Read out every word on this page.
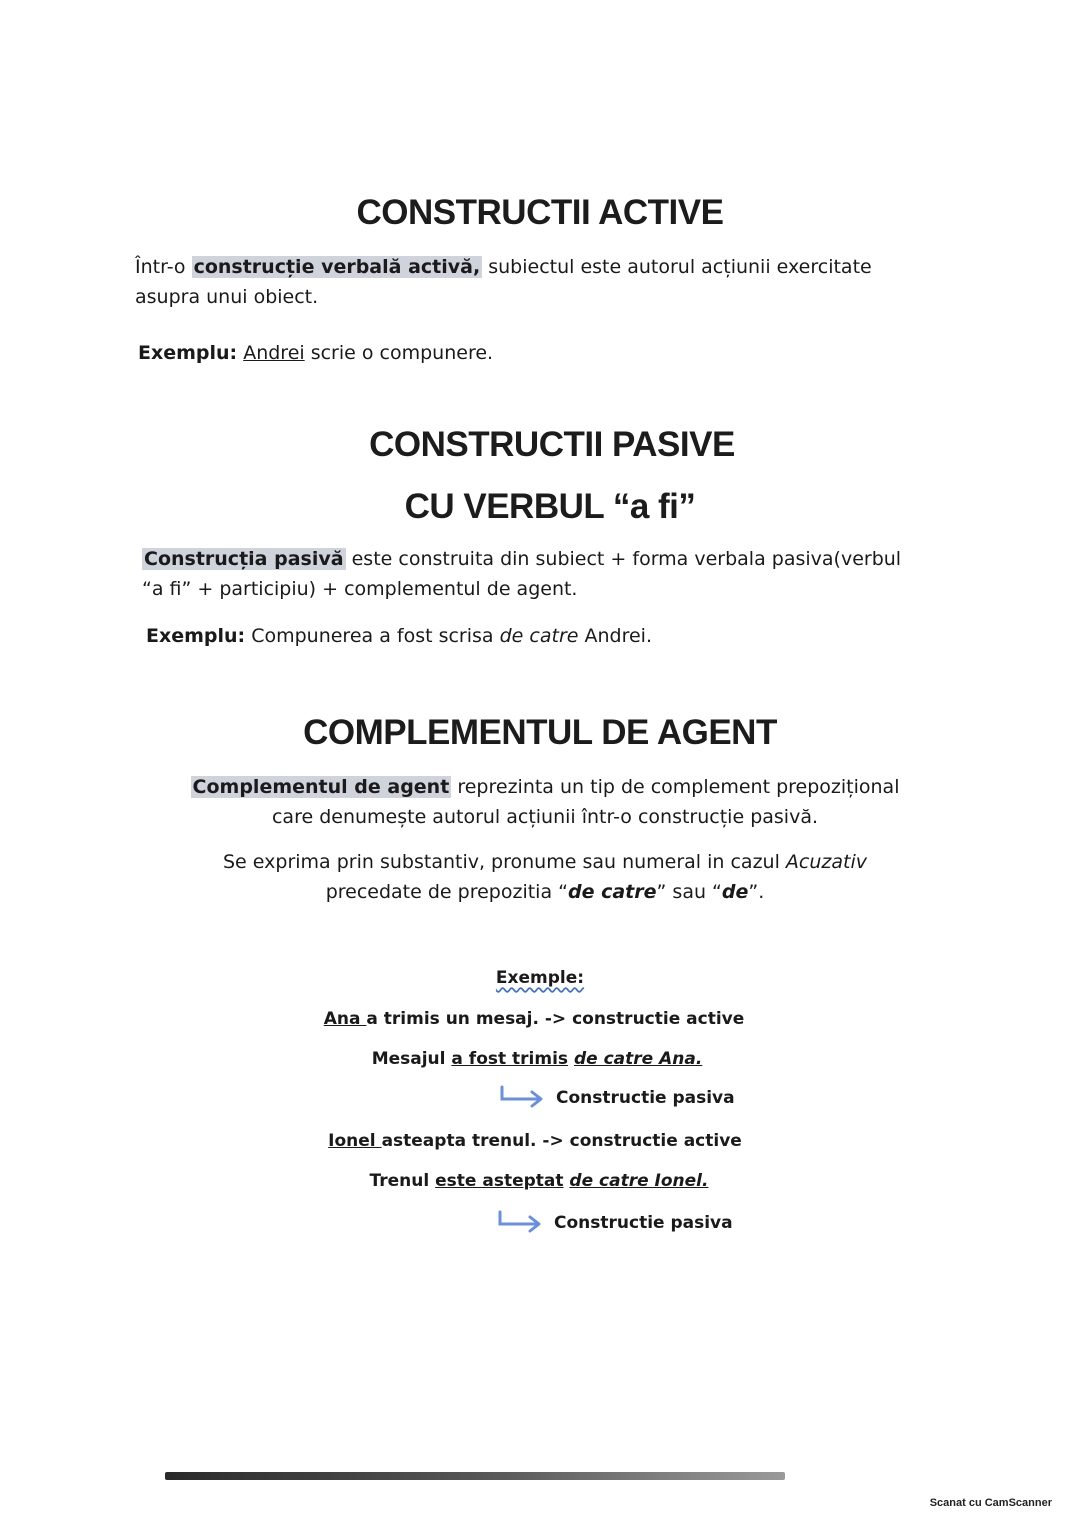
CONSTRUCTII ACTIVE

Într-o construcție verbală activă, subiectul este autorul acțiunii exercitate
asupra unui obiect.

Exemplu: Andrei scrie o compunere.

CONSTRUCTII PASIVE
CU VERBUL “a fi”

Construcția pasivă este construita din subiect + forma verbala pasiva(verbul
“a fi” + participiu) + complementul de agent.

Exemplu: Compunerea a fost scrisa de catre Andrei.

COMPLEMENTUL DE AGENT

Complementul de agent reprezinta un tip de complement prepozițional
care denumește autorul acțiunii într-o construcție pasivă.

Se exprima prin substantiv, pronume sau numeral in cazul Acuzativ
precedate de prepozitia “de catre” sau “de”.

Exemple:

Ana a trimis un mesaj. -> constructie active

Mesajul a fost trimis de catre Ana.

Constructie pasiva

Ionel asteapta trenul. -> constructie active

Trenul este asteptat de catre Ionel.

Constructie pasiva
Scanat cu CamScanner
